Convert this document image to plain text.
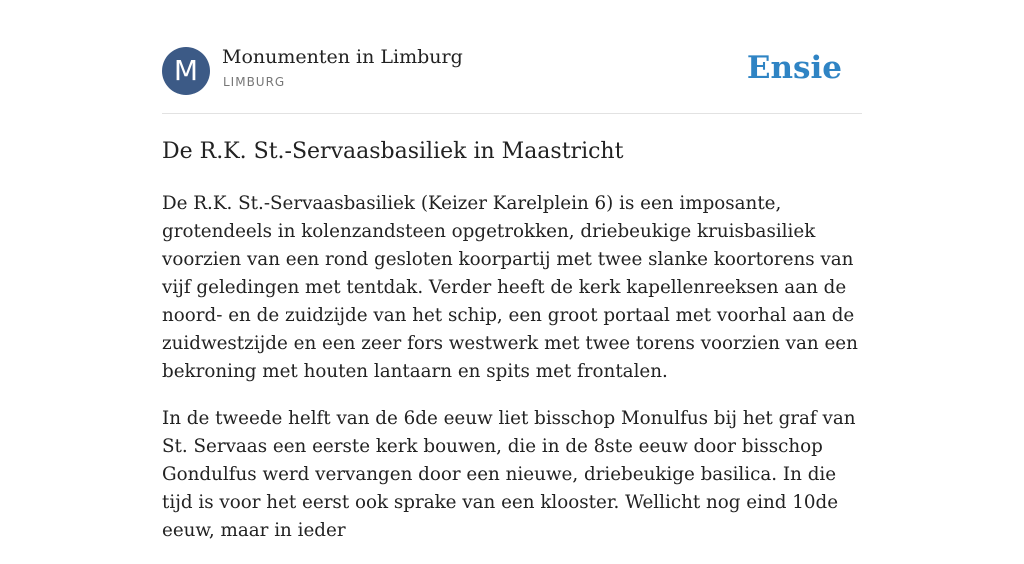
M	Monumenten in Limburg
LIMBURG	Ensie
De R.K. St.-Servaasbasiliek in Maastricht

De R.K. St.-Servaasbasiliek (Keizer Karelplein 6) is een imposante, grotendeels in kolenzandsteen opgetrokken, driebeukige kruisbasiliek voorzien van een rond gesloten koorpartij met twee slanke koortorens van vijf geledingen met tentdak. Verder heeft de kerk kapellenreeksen aan de noord- en de zuidzijde van het schip, een groot portaal met voorhal aan de zuidwestzijde en een zeer fors westwerk met twee torens voorzien van een bekroning met houten lantaarn en spits met frontalen.

In de tweede helft van de 6de eeuw liet bisschop Monulfus bij het graf van St. Servaas een eerste kerk bouwen, die in de 8ste eeuw door bisschop Gondulfus werd vervangen door een nieuwe, driebeukige basilica. In die tijd is voor het eerst ook sprake van een klooster. Wellicht nog eind 10de eeuw, maar in ieder
